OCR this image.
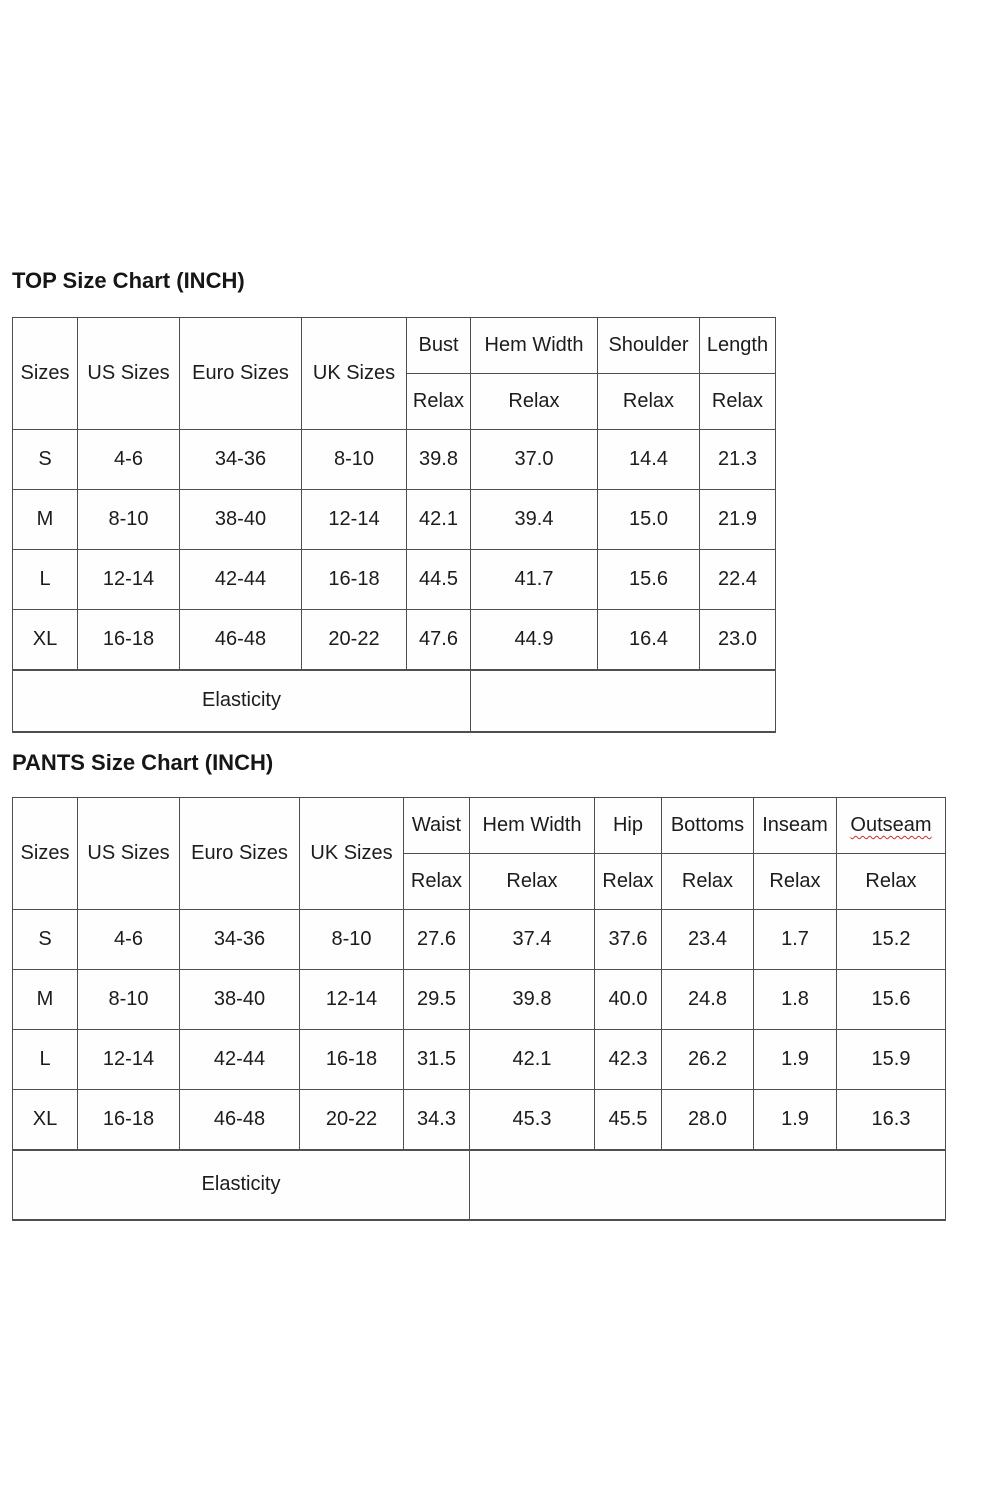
TOP Size Chart (INCH)
Sizes	US Sizes	Euro Sizes	UK Sizes	Bust	Hem Width	Shoulder	Length
				Relax	Relax	Relax	Relax
S	4-6	34-36	8-10	39.8	37.0	14.4	21.3
M	8-10	38-40	12-14	42.1	39.4	15.0	21.9
L	12-14	42-44	16-18	44.5	41.7	15.6	22.4
XL	16-18	46-48	20-22	47.6	44.9	16.4	23.0
Elasticity							
PANTS Size Chart (INCH)
Sizes	US Sizes	Euro Sizes	UK Sizes	Waist	Hem Width	Hip	Bottoms	Inseam	Outseam
				Relax	Relax	Relax	Relax	Relax	Relax
S	4-6	34-36	8-10	27.6	37.4	37.6	23.4	1.7	15.2
M	8-10	38-40	12-14	29.5	39.8	40.0	24.8	1.8	15.6
L	12-14	42-44	16-18	31.5	42.1	42.3	26.2	1.9	15.9
XL	16-18	46-48	20-22	34.3	45.3	45.5	28.0	1.9	16.3
Elasticity									
